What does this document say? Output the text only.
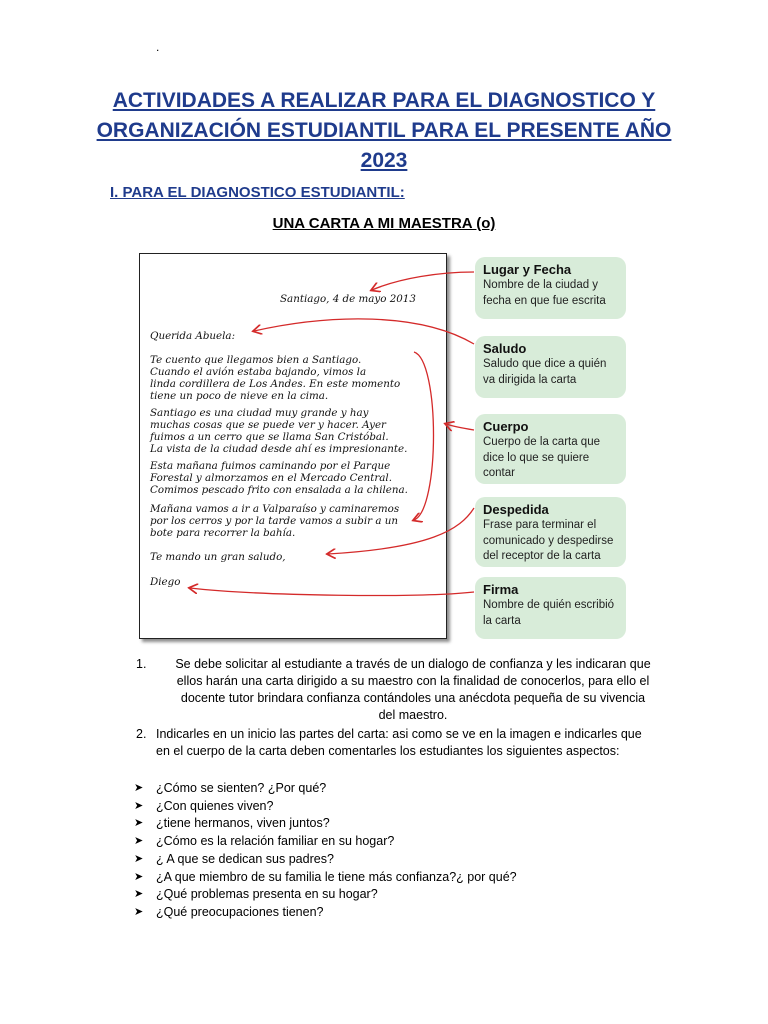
.
ACTIVIDADES A REALIZAR PARA EL DIAGNOSTICO Y
ORGANIZACIÓN ESTUDIANTIL PARA EL PRESENTE AÑO
2023
I. PARA EL DIAGNOSTICO ESTUDIANTIL:
UNA CARTA A MI MAESTRA (o)
Santiago, 4 de mayo 2013
Querida Abuela:
Te cuento que llegamos bien a Santiago.
Cuando el avión estaba bajando, vimos la
linda cordillera de Los Andes. En este momento
tiene un poco de nieve en la cima.
Santiago es una ciudad muy grande y hay
muchas cosas que se puede ver y hacer. Ayer
fuimos a un cerro que se llama San Cristóbal.
La vista de la ciudad desde ahí es impresionante.
Esta mañana fuimos caminando por el Parque
Forestal y almorzamos en el Mercado Central.
Comimos pescado frito con ensalada a la chilena.
Mañana vamos a ir a Valparaíso y caminaremos
por los cerros y por la tarde vamos a subir a un
bote para recorrer la bahía.
Te mando un gran saludo,
Diego
Lugar y Fecha
Nombre de la ciudad y fecha en que fue escrita
Saludo
Saludo que dice a quién va dirigida la carta
Cuerpo
Cuerpo de la carta que dice lo que se quiere contar
Despedida
Frase para terminar el comunicado y despedirse del receptor de la carta
Firma
Nombre de quién escribió la carta
1.	Se debe solicitar al estudiante a través de un dialogo de confianza y les indicaran que
ellos harán una carta dirigido a su maestro con la finalidad de conocerlos, para ello el
docente tutor brindara confianza contándoles una anécdota pequeña de su vivencia
del maestro.
2. Indicarles en un inicio las partes del carta: asi como se ve en la imagen e indicarles que
en el cuerpo de la carta deben comentarles los estudiantes los siguientes aspectos:
➤ ¿Cómo se sienten? ¿Por qué?
➤ ¿Con quienes viven?
➤ ¿tiene hermanos, viven juntos?
➤ ¿Cómo es la relación familiar en su hogar?
➤ ¿ A que se dedican sus padres?
➤ ¿A que miembro de su familia le tiene más confianza?¿ por qué?
➤ ¿Qué problemas presenta en su hogar?
➤ ¿Qué preocupaciones tienen?
